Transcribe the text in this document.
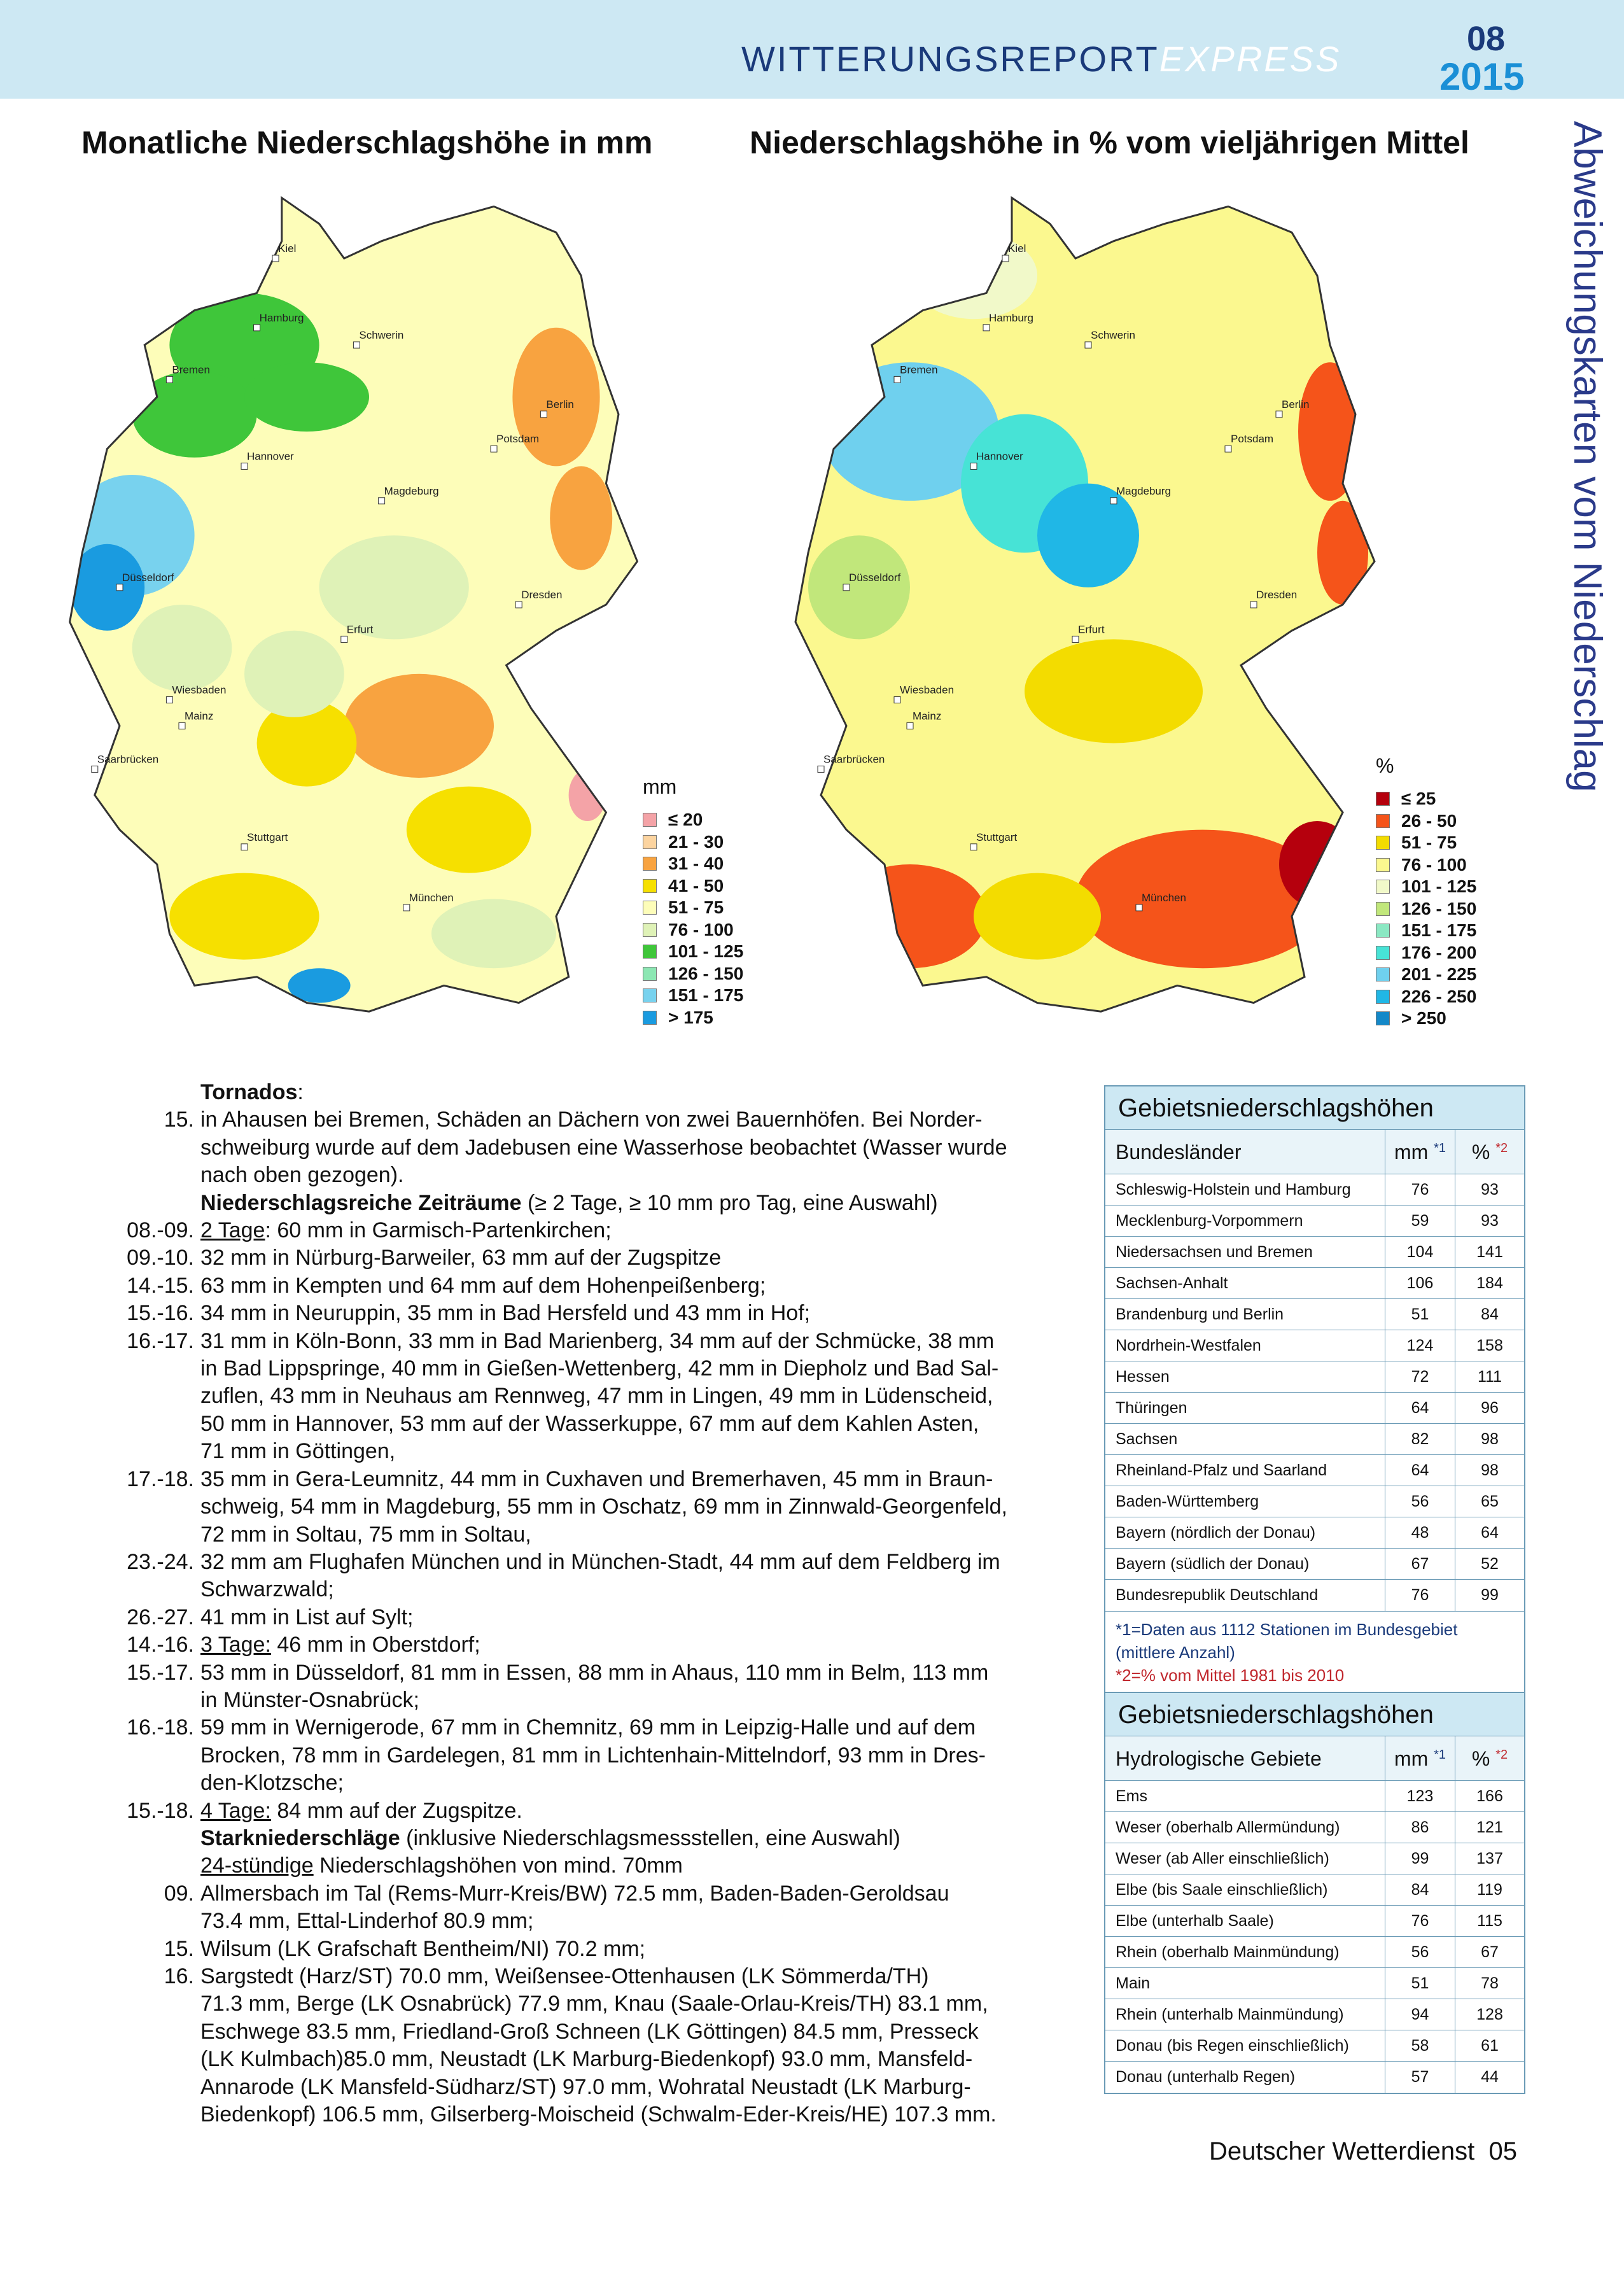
WITTERUNGSREPORTEXPRESS	08
2015
Abweichungskarten vom Niederschlag
Monatliche Niederschlagshöhe in mm	Niederschlagshöhe in % vom vieljährigen Mittel
Kiel
Hamburg
Schwerin
Bremen
Berlin
Potsdam
Hannover
Magdeburg
Düsseldorf
Dresden
Erfurt
Wiesbaden
Mainz
Saarbrücken
Stuttgart
München
Kiel
Hamburg
Schwerin
Bremen
Berlin
Potsdam
Hannover
Magdeburg
Düsseldorf
Dresden
Erfurt
Wiesbaden
Mainz
Saarbrücken
Stuttgart
München
mm
≤ 20
21 - 30
31 - 40
41 - 50
51 - 75
76 - 100
101 - 125
126 - 150
151 - 175
> 175
%
≤ 25
26 - 50
51 - 75
76 - 100
101 - 125
126 - 150
151 - 175
176 - 200
201 - 225
226 - 250
> 250
Tornados:
15. in Ahausen bei Bremen, Schäden an Dächern von zwei Bauernhöfen. Bei Norder-
schweiburg wurde auf dem Jadebusen eine Wasserhose beobachtet (Wasser wurde
nach oben gezogen).
Niederschlagsreiche Zeiträume (≥ 2 Tage, ≥ 10 mm pro Tag, eine Auswahl)
08.-09. 2 Tage: 60 mm in Garmisch-Partenkirchen;
09.-10. 32 mm in Nürburg-Barweiler, 63 mm auf der Zugspitze
14.-15. 63 mm in Kempten und 64 mm auf dem Hohenpeißenberg;
15.-16. 34 mm in Neuruppin, 35 mm in Bad Hersfeld und 43 mm in Hof;
16.-17. 31 mm in Köln-Bonn, 33 mm in Bad Marienberg, 34 mm auf der Schmücke, 38 mm
in Bad Lippspringe, 40 mm in Gießen-Wettenberg, 42 mm in Diepholz und Bad Sal-
zuflen, 43 mm in Neuhaus am Rennweg, 47 mm in Lingen, 49 mm in Lüdenscheid,
50 mm in Hannover, 53 mm auf der Wasserkuppe, 67 mm auf dem Kahlen Asten,
71 mm in Göttingen,
17.-18. 35 mm in Gera-Leumnitz, 44 mm in Cuxhaven und Bremerhaven, 45 mm in Braun-
schweig, 54 mm in Magdeburg, 55 mm in Oschatz, 69 mm in Zinnwald-Georgenfeld,
72 mm in Soltau, 75 mm in Soltau,
23.-24. 32 mm am Flughafen München und in München-Stadt, 44 mm auf dem Feldberg im
Schwarzwald;
26.-27. 41 mm in List auf Sylt;
14.-16. 3 Tage: 46 mm in Oberstdorf;
15.-17. 53 mm in Düsseldorf, 81 mm in Essen, 88 mm in Ahaus, 110 mm in Belm, 113 mm
in Münster-Osnabrück;
16.-18. 59 mm in Wernigerode, 67 mm in Chemnitz, 69 mm in Leipzig-Halle und auf dem
Brocken, 78 mm in Gardelegen, 81 mm in Lichtenhain-Mittelndorf, 93 mm in Dres-
den-Klotzsche;
15.-18. 4 Tage: 84 mm auf der Zugspitze.
Starkniederschläge (inklusive Niederschlagsmessstellen, eine Auswahl)
24-stündige Niederschlagshöhen von mind. 70mm
09. Allmersbach im Tal (Rems-Murr-Kreis/BW) 72.5 mm, Baden-Baden-Geroldsau
73.4 mm, Ettal-Linderhof 80.9 mm;
15. Wilsum (LK Grafschaft Bentheim/NI) 70.2 mm;
16. Sargstedt (Harz/ST) 70.0 mm, Weißensee-Ottenhausen (LK Sömmerda/TH)
71.3 mm, Berge (LK Osnabrück) 77.9 mm, Knau (Saale-Orlau-Kreis/TH) 83.1 mm,
Eschwege 83.5 mm, Friedland-Groß Schneen (LK Göttingen) 84.5 mm, Presseck
(LK Kulmbach)85.0 mm, Neustadt (LK Marburg-Biedenkopf) 93.0 mm, Mansfeld-
Annarode (LK Mansfeld-Südharz/ST) 97.0 mm, Wohratal Neustadt (LK Marburg-
Biedenkopf) 106.5 mm, Gilserberg-Moischeid (Schwalm-Eder-Kreis/HE) 107.3 mm.
Gebietsniederschlagshöhen
Bundesländer	mm $^{*1}$	% $^{*2}$
Schleswig-Holstein und Hamburg	76	93
Mecklenburg-Vorpommern	59	93
Niedersachsen und Bremen	104	141
Sachsen-Anhalt	106	184
Brandenburg und Berlin	51	84
Nordrhein-Westfalen	124	158
Hessen	72	111
Thüringen	64	96
Sachsen	82	98
Rheinland-Pfalz und Saarland	64	98
Baden-Württemberg	56	65
Bayern (nördlich der Donau)	48	64
Bayern (südlich der Donau)	67	52
Bundesrepublik Deutschland	76	99
*1=Daten aus 1112 Stationen im Bundesgebiet (mittlere Anzahl)
*2=% vom Mittel 1981 bis 2010
Gebietsniederschlagshöhen
Hydrologische Gebiete	mm $^{*1}$	% $^{*2}$
Ems	123	166
Weser (oberhalb Allermündung)	86	121
Weser (ab Aller einschließlich)	99	137
Elbe (bis Saale einschließlich)	84	119
Elbe (unterhalb Saale)	76	115
Rhein (oberhalb Mainmündung)	56	67
Main	51	78
Rhein (unterhalb Mainmündung)	94	128
Donau (bis Regen einschließlich)	58	61
Donau (unterhalb Regen)	57	44
Deutscher Wetterdienst 05
